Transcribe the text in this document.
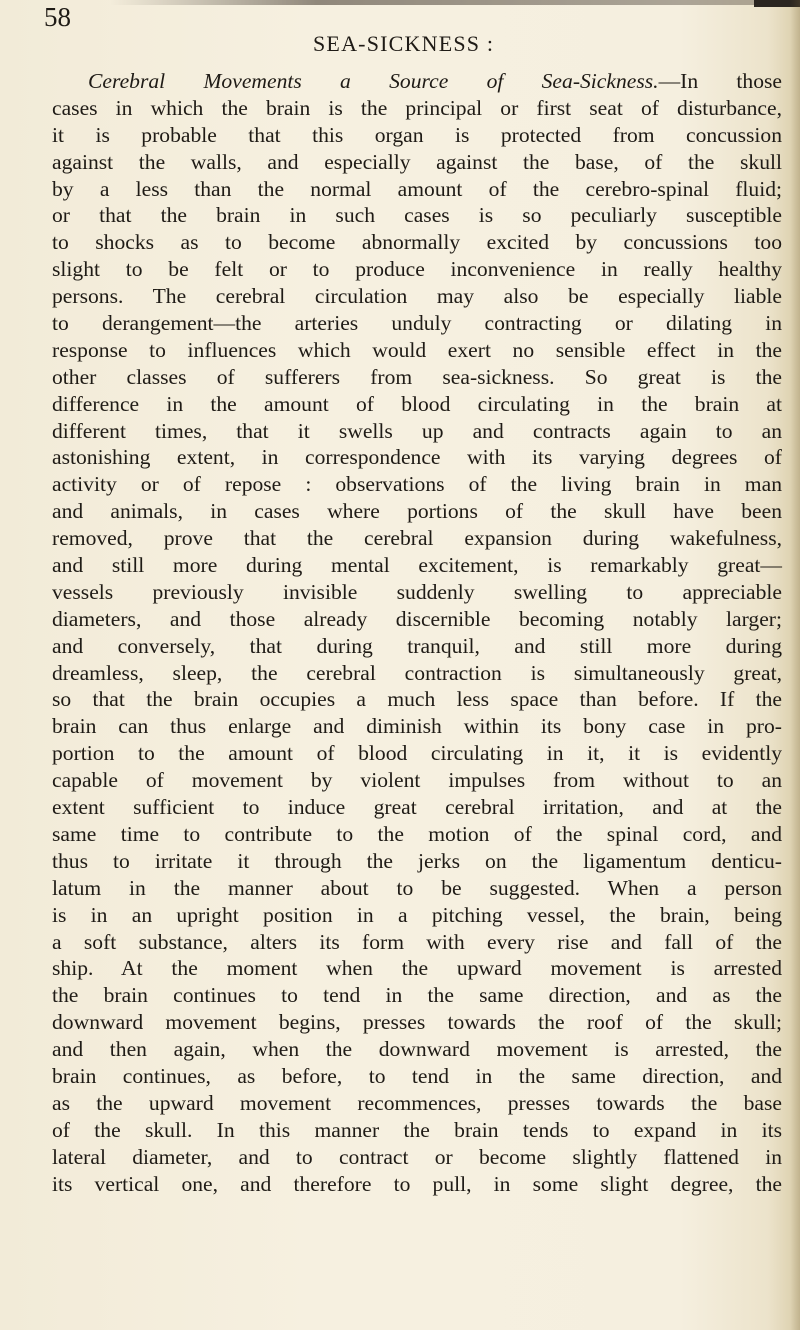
58
SEA-SICKNESS :
Cerebral Movements a Source of Sea-Sickness.—In those
cases in which the brain is the principal or first seat of disturbance,
it is probable that this organ is protected from concussion
against the walls, and especially against the base, of the skull
by a less than the normal amount of the cerebro-spinal fluid;
or that the brain in such cases is so peculiarly susceptible
to shocks as to become abnormally excited by concussions too
slight to be felt or to produce inconvenience in really healthy
persons. The cerebral circulation may also be especially liable
to derangement—the arteries unduly contracting or dilating in
response to influences which would exert no sensible effect in the
other classes of sufferers from sea-sickness. So great is the
difference in the amount of blood circulating in the brain at
different times, that it swells up and contracts again to an
astonishing extent, in correspondence with its varying degrees of
activity or of repose : observations of the living brain in man
and animals, in cases where portions of the skull have been
removed, prove that the cerebral expansion during wakefulness,
and still more during mental excitement, is remarkably great—
vessels previously invisible suddenly swelling to appreciable
diameters, and those already discernible becoming notably larger;
and conversely, that during tranquil, and still more during
dreamless, sleep, the cerebral contraction is simultaneously great,
so that the brain occupies a much less space than before. If the
brain can thus enlarge and diminish within its bony case in pro-
portion to the amount of blood circulating in it, it is evidently
capable of movement by violent impulses from without to an
extent sufficient to induce great cerebral irritation, and at the
same time to contribute to the motion of the spinal cord, and
thus to irritate it through the jerks on the ligamentum denticu-
latum in the manner about to be suggested. When a person
is in an upright position in a pitching vessel, the brain, being
a soft substance, alters its form with every rise and fall of the
ship. At the moment when the upward movement is arrested
the brain continues to tend in the same direction, and as the
downward movement begins, presses towards the roof of the skull;
and then again, when the downward movement is arrested, the
brain continues, as before, to tend in the same direction, and
as the upward movement recommences, presses towards the base
of the skull. In this manner the brain tends to expand in its
lateral diameter, and to contract or become slightly flattened in
its vertical one, and therefore to pull, in some slight degree, the
